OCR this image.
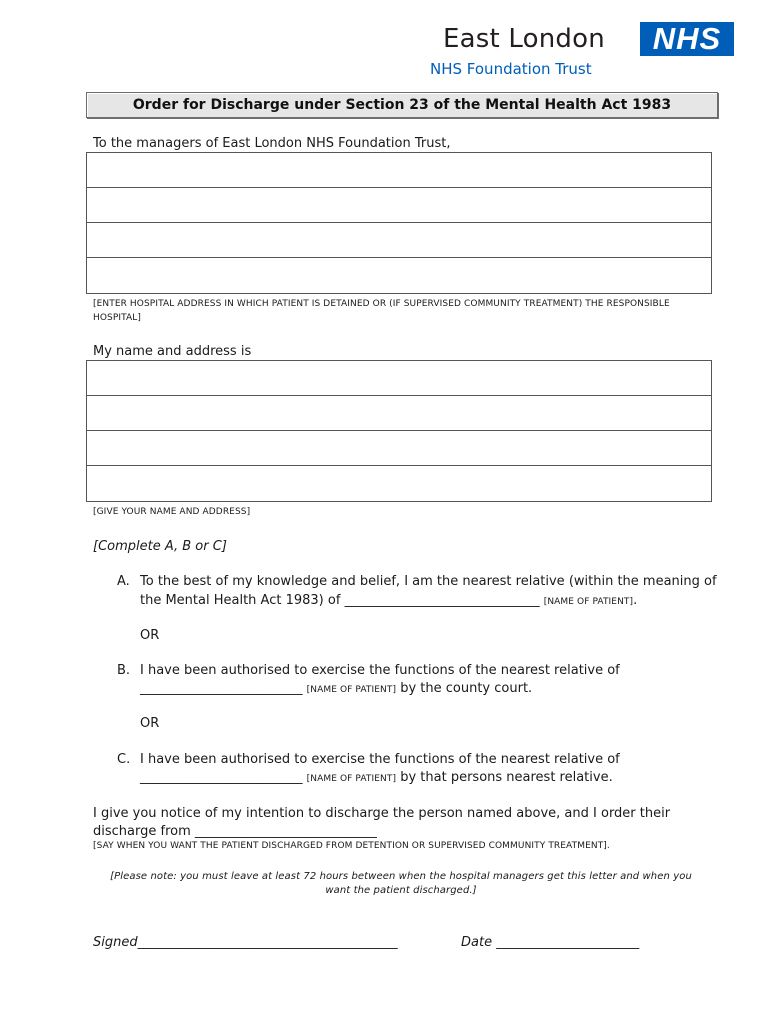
East London	NHS
NHS Foundation Trust
Order for Discharge under Section 23 of the Mental Health Act 1983
To the managers of East London NHS Foundation Trust,
[ENTER HOSPITAL ADDRESS IN WHICH PATIENT IS DETAINED OR (IF SUPERVISED COMMUNITY TREATMENT) THE RESPONSIBLE
HOSPITAL]
My name and address is
[GIVE YOUR NAME AND ADDRESS]
[Complete A, B or C]
A. To the best of my knowledge and belief, I am the nearest relative (within the meaning of
the Mental Health Act 1983) of ______________________________ [NAME OF PATIENT].
OR
B. I have been authorised to exercise the functions of the nearest relative of
_________________________ [NAME OF PATIENT] by the county court.
OR
C. I have been authorised to exercise the functions of the nearest relative of
_________________________ [NAME OF PATIENT] by that persons nearest relative.
I give you notice of my intention to discharge the person named above, and I order their
discharge from ____________________________
[SAY WHEN YOU WANT THE PATIENT DISCHARGED FROM DETENTION OR SUPERVISED COMMUNITY TREATMENT].
[Please note: you must leave at least 72 hours between when the hospital managers get this letter and when you
want the patient discharged.]
Signed________________________________________	Date ______________________
